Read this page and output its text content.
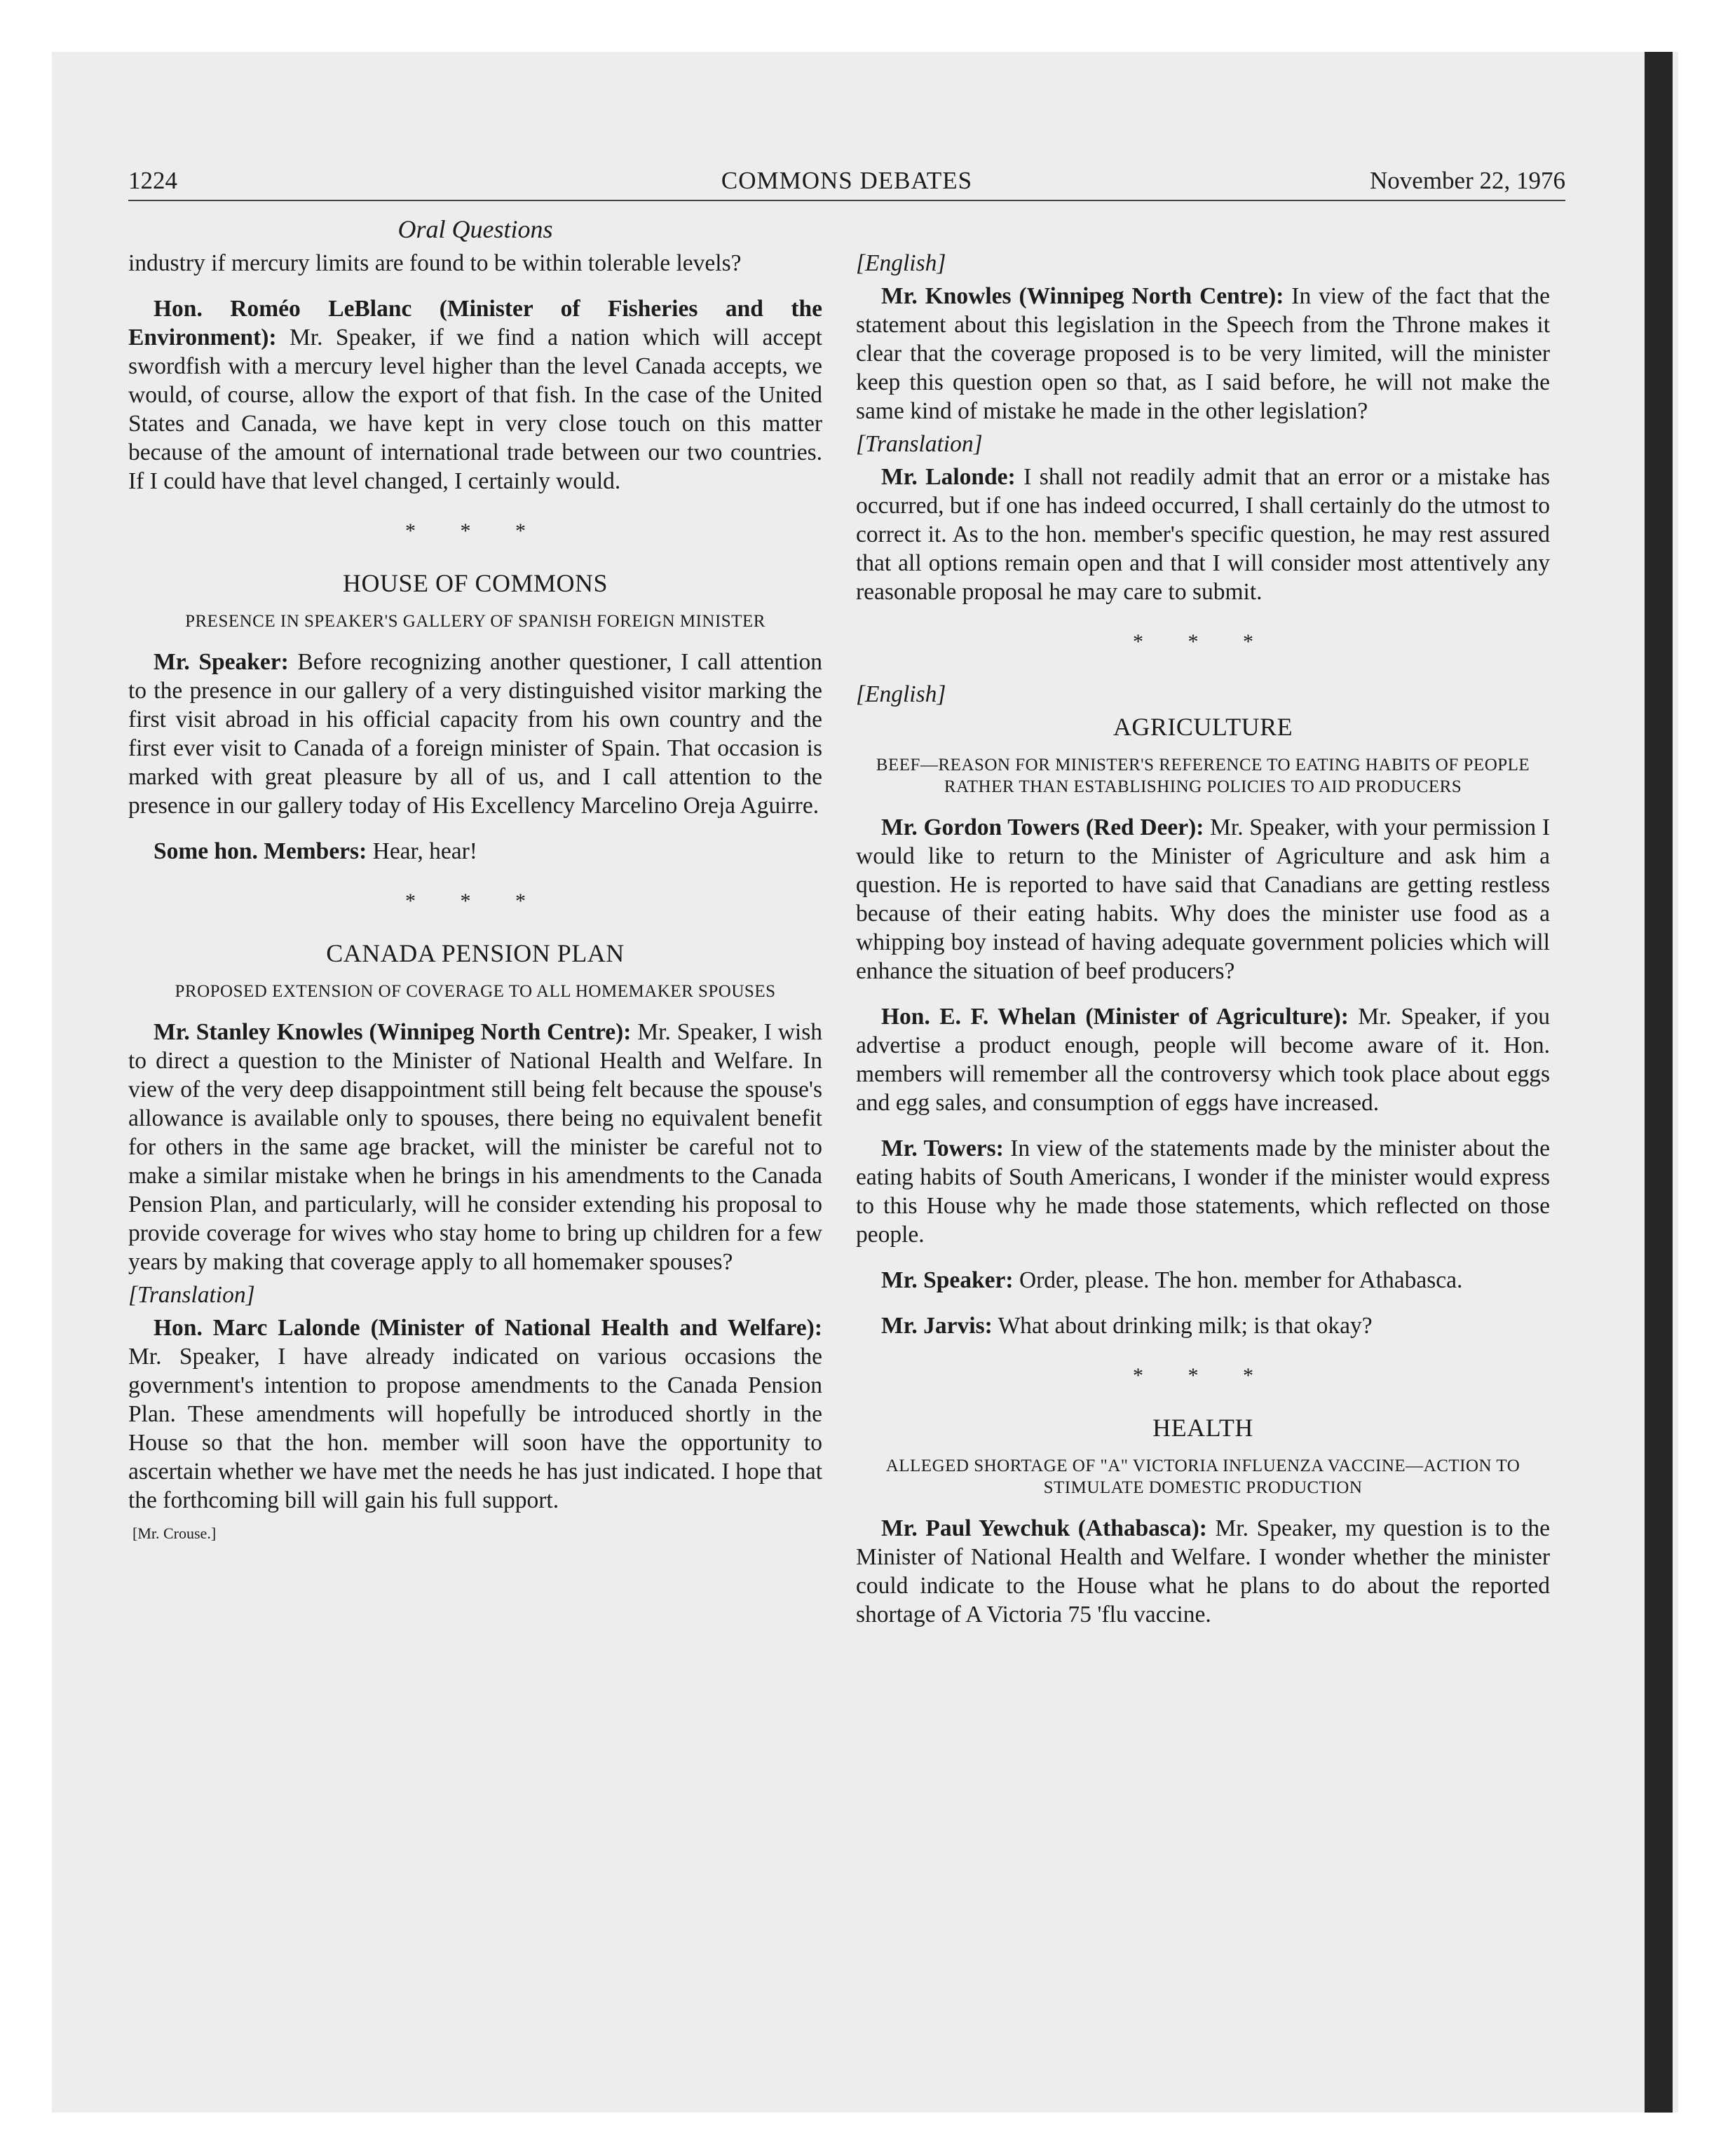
1224	COMMONS DEBATES	November 22, 1976
Oral Questions

industry if mercury limits are found to be within tolerable levels?

Hon. Roméo LeBlanc (Minister of Fisheries and the Environment): Mr. Speaker, if we find a nation which will accept swordfish with a mercury level higher than the level Canada accepts, we would, of course, allow the export of that fish. In the case of the United States and Canada, we have kept in very close touch on this matter because of the amount of international trade between our two countries. If I could have that level changed, I certainly would.

* * *
HOUSE OF COMMONS
PRESENCE IN SPEAKER'S GALLERY OF SPANISH FOREIGN MINISTER

Mr. Speaker: Before recognizing another questioner, I call attention to the presence in our gallery of a very distinguished visitor marking the first visit abroad in his official capacity from his own country and the first ever visit to Canada of a foreign minister of Spain. That occasion is marked with great pleasure by all of us, and I call attention to the presence in our gallery today of His Excellency Marcelino Oreja Aguirre.

Some hon. Members: Hear, hear!

* * *
CANADA PENSION PLAN
PROPOSED EXTENSION OF COVERAGE TO ALL HOMEMAKER SPOUSES

Mr. Stanley Knowles (Winnipeg North Centre): Mr. Speaker, I wish to direct a question to the Minister of National Health and Welfare. In view of the very deep disappointment still being felt because the spouse's allowance is available only to spouses, there being no equivalent benefit for others in the same age bracket, will the minister be careful not to make a similar mistake when he brings in his amendments to the Canada Pension Plan, and particularly, will he consider extending his proposal to provide coverage for wives who stay home to bring up children for a few years by making that coverage apply to all homemaker spouses?

[Translation]

Hon. Marc Lalonde (Minister of National Health and Welfare): Mr. Speaker, I have already indicated on various occasions the government's intention to propose amendments to the Canada Pension Plan. These amendments will hopefully be introduced shortly in the House so that the hon. member will soon have the opportunity to ascertain whether we have met the needs he has just indicated. I hope that the forthcoming bill will gain his full support.

[Mr. Crouse.]

[English]

Mr. Knowles (Winnipeg North Centre): In view of the fact that the statement about this legislation in the Speech from the Throne makes it clear that the coverage proposed is to be very limited, will the minister keep this question open so that, as I said before, he will not make the same kind of mistake he made in the other legislation?

[Translation]

Mr. Lalonde: I shall not readily admit that an error or a mistake has occurred, but if one has indeed occurred, I shall certainly do the utmost to correct it. As to the hon. member's specific question, he may rest assured that all options remain open and that I will consider most attentively any reasonable proposal he may care to submit.

* * *

[English]

AGRICULTURE
BEEF—REASON FOR MINISTER'S REFERENCE TO EATING HABITS OF PEOPLE RATHER THAN ESTABLISHING POLICIES TO AID PRODUCERS

Mr. Gordon Towers (Red Deer): Mr. Speaker, with your permission I would like to return to the Minister of Agriculture and ask him a question. He is reported to have said that Canadians are getting restless because of their eating habits. Why does the minister use food as a whipping boy instead of having adequate government policies which will enhance the situation of beef producers?

Hon. E. F. Whelan (Minister of Agriculture): Mr. Speaker, if you advertise a product enough, people will become aware of it. Hon. members will remember all the controversy which took place about eggs and egg sales, and consumption of eggs have increased.

Mr. Towers: In view of the statements made by the minister about the eating habits of South Americans, I wonder if the minister would express to this House why he made those statements, which reflected on those people.

Mr. Speaker: Order, please. The hon. member for Athabasca.

Mr. Jarvis: What about drinking milk; is that okay?

* * *
HEALTH
ALLEGED SHORTAGE OF "A" VICTORIA INFLUENZA VACCINE—ACTION TO STIMULATE DOMESTIC PRODUCTION

Mr. Paul Yewchuk (Athabasca): Mr. Speaker, my question is to the Minister of National Health and Welfare. I wonder whether the minister could indicate to the House what he plans to do about the reported shortage of A Victoria 75 'flu vaccine.
